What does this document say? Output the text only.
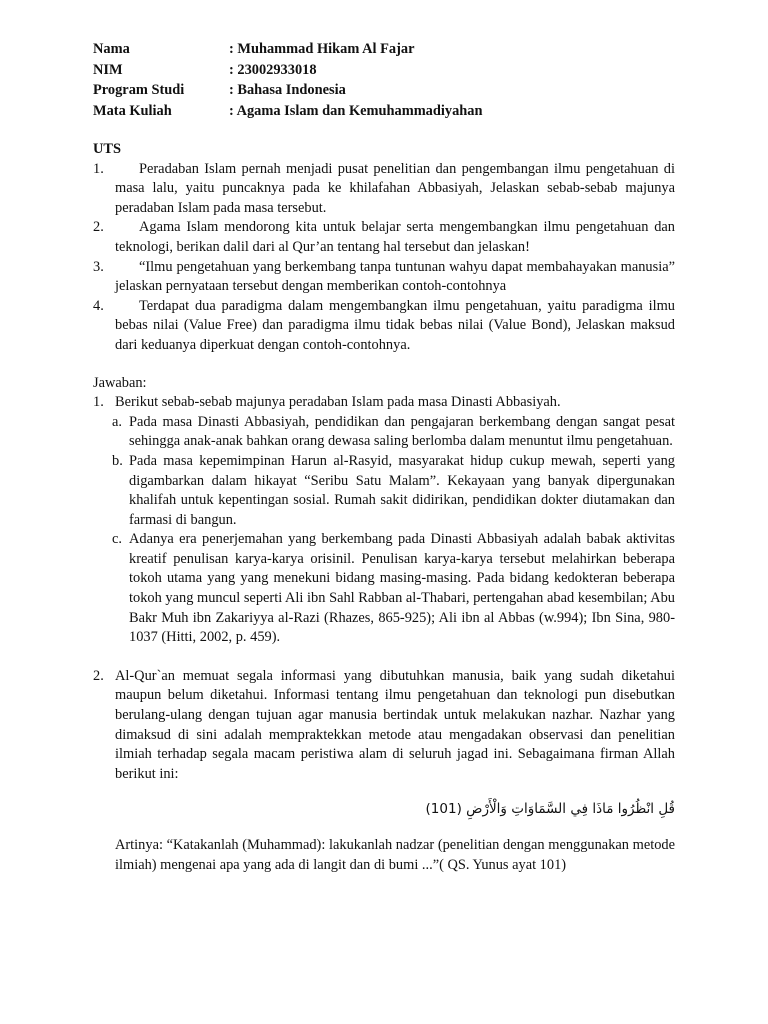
Nama	: Muhammad Hikam Al Fajar
NIM	: 23002933018
Program Studi	: Bahasa Indonesia
Mata Kuliah	: Agama Islam dan Kemuhammadiyahan
UTS
1. Peradaban Islam pernah menjadi pusat penelitian dan pengembangan ilmu pengetahuan di masa lalu, yaitu puncaknya pada ke khilafahan Abbasiyah, Jelaskan sebab-sebab majunya peradaban Islam pada masa tersebut.
2. Agama Islam mendorong kita untuk belajar serta mengembangkan ilmu pengetahuan dan teknologi, berikan dalil dari al Qur’an tentang hal tersebut dan jelaskan!
3. “Ilmu pengetahuan yang berkembang tanpa tuntunan wahyu dapat membahayakan manusia” jelaskan pernyataan tersebut dengan memberikan contoh-contohnya
4. Terdapat dua paradigma dalam mengembangkan ilmu pengetahuan, yaitu paradigma ilmu bebas nilai (Value Free) dan paradigma ilmu tidak bebas nilai (Value Bond), Jelaskan maksud dari keduanya diperkuat dengan contoh-contohnya.
Jawaban:
1. Berikut sebab-sebab majunya peradaban Islam pada masa Dinasti Abbasiyah.
a. Pada masa Dinasti Abbasiyah, pendidikan dan pengajaran berkembang dengan sangat pesat sehingga anak-anak bahkan orang dewasa saling berlomba dalam menuntut ilmu pengetahuan.
b. Pada masa kepemimpinan Harun al-Rasyid, masyarakat hidup cukup mewah, seperti yang digambarkan dalam hikayat “Seribu Satu Malam”. Kekayaan yang banyak dipergunakan khalifah untuk kepentingan sosial. Rumah sakit didirikan, pendidikan dokter diutamakan dan farmasi di bangun.
c. Adanya era penerjemahan yang berkembang pada Dinasti Abbasiyah adalah babak aktivitas kreatif penulisan karya-karya orisinil. Penulisan karya-karya tersebut melahirkan beberapa tokoh utama yang yang menekuni bidang masing-masing. Pada bidang kedokteran beberapa tokoh yang muncul seperti Ali ibn Sahl Rabban al-Thabari, pertengahan abad kesembilan; Abu Bakr Muh ibn Zakariyya al-Razi (Rhazes, 865-925); Ali ibn al Abbas (w.994); Ibn Sina, 980-1037 (Hitti, 2002, p. 459).
2. Al-Qur`an memuat segala informasi yang dibutuhkan manusia, baik yang sudah diketahui maupun belum diketahui. Informasi tentang ilmu pengetahuan dan teknologi pun disebutkan berulang-ulang dengan tujuan agar manusia bertindak untuk melakukan nazhar. Nazhar yang dimaksud di sini adalah mempraktekkan metode atau mengadakan observasi dan penelitian ilmiah terhadap segala macam peristiwa alam di seluruh jagad ini. Sebagaimana firman Allah berikut ini:
قُلِ انْظُرُوا مَاذَا فِي السَّمَاوَاتِ وَالْأَرْضِ (101)
Artinya: “Katakanlah (Muhammad): lakukanlah nadzar (penelitian dengan menggunakan metode ilmiah) mengenai apa yang ada di langit dan di bumi ...”( QS. Yunus ayat 101)
